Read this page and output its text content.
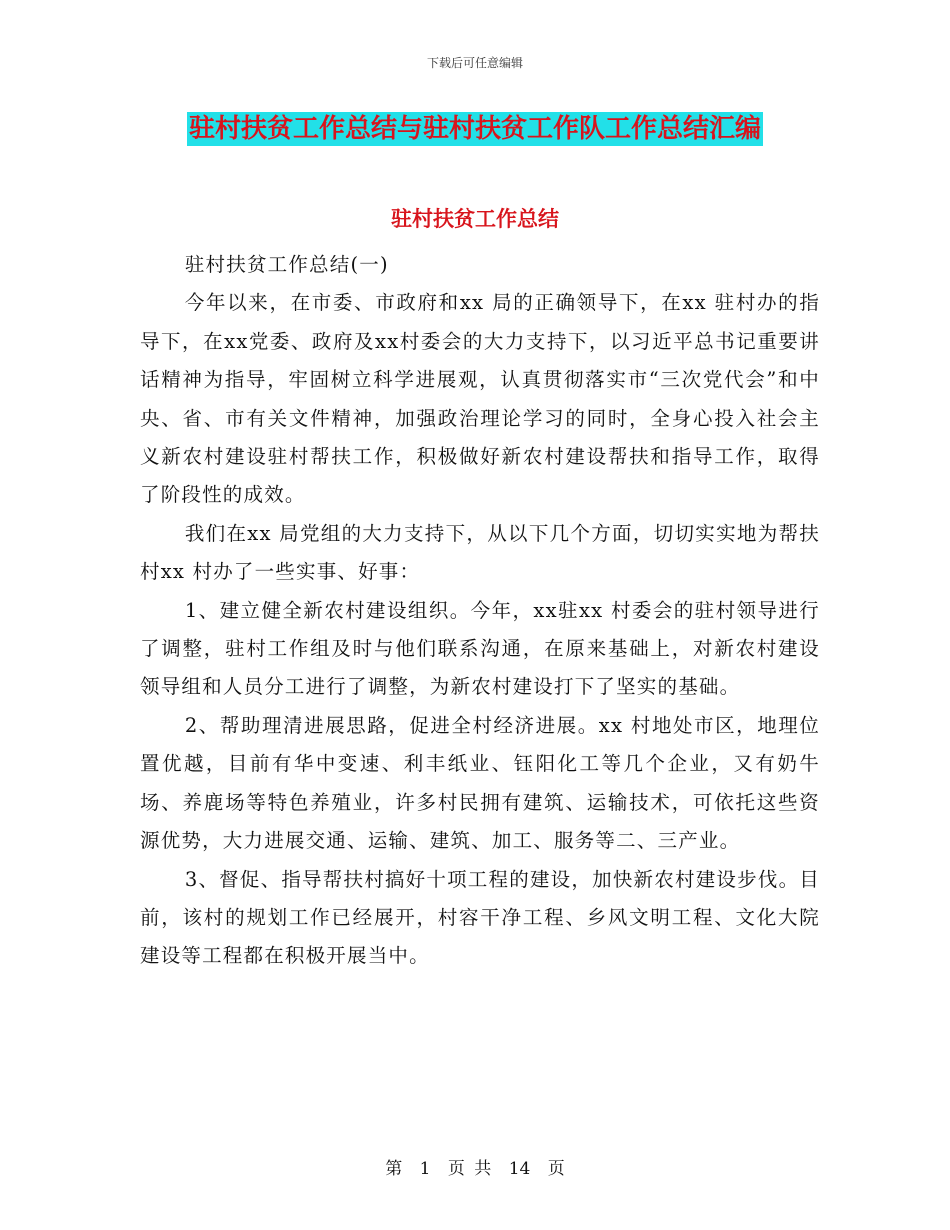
下载后可任意编辑
驻村扶贫工作总结与驻村扶贫工作队工作总结汇编
驻村扶贫工作总结

驻村扶贫工作总结(一)

今年以来，在市委、市政府和xx 局的正确领导下，在xx 驻村办的指导下，在xx党委、政府及xx村委会的大力支持下，以习近平总书记重要讲话精神为指导，牢固树立科学进展观，认真贯彻落实市“三次党代会”和中央、省、市有关文件精神，加强政治理论学习的同时，全身心投入社会主义新农村建设驻村帮扶工作，积极做好新农村建设帮扶和指导工作，取得了阶段性的成效。

我们在xx 局党组的大力支持下，从以下几个方面，切切实实地为帮扶村xx 村办了一些实事、好事：

1、建立健全新农村建设组织。今年，xx驻xx 村委会的驻村领导进行了调整，驻村工作组及时与他们联系沟通，在原来基础上，对新农村建设领导组和人员分工进行了调整，为新农村建设打下了坚实的基础。

2、帮助理清进展思路，促进全村经济进展。xx 村地处市区，地理位置优越，目前有华中变速、利丰纸业、钰阳化工等几个企业，又有奶牛场、养鹿场等特色养殖业，许多村民拥有建筑、运输技术，可依托这些资源优势，大力进展交通、运输、建筑、加工、服务等二、三产业。

3、督促、指导帮扶村搞好十项工程的建设，加快新农村建设步伐。目前，该村的规划工作已经展开，村容干净工程、乡风文明工程、文化大院建设等工程都在积极开展当中。

第 1 页 共 14 页
